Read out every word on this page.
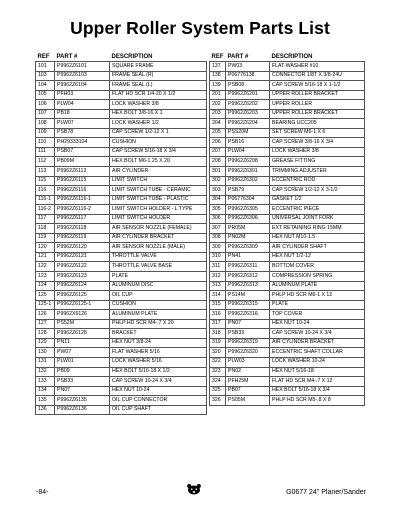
Upper Roller System Parts List
REF	PART #	DESCRIPTION
101	P9962Z6101	SQUARE FRAME
103	P9962Z6103	FRAME SEAL (R)
104	P9962Z6104	FRAME SEAL (L)
105	PFH03	FLAT HD SCR 1/4-20 X 1/2
106	PLW04	LOCK WASHER 3/8
107	PB18	HEX BOLT 3/8-16 X 1
108	PLW07	LOCK WASHER 1/2
109	PSB78	CAP SCREW 1/2-12 X 1
110	PH29333104	CUSHION
111	PSB07	CAP SCREW 5/16-18 X 3/4
112	PB09M	HEX BOLT M6-1.25 X 20
113	P9962Z6113	AIR CYLINDER
115	P9962Z6115	LIMIT SWITCH
116	P9962Z6116	LIMIT SWITCH TUBE - CERAMIC
116-1	P9962Z6116-1	LIMIT SWITCH TUBE - PLASTIC
116-2	P9962Z6116-2	LIMIT SWITCH HOLDER - L TYPE
117	P9962Z6117	LIMIT SWITCH HOLDER
118	P9962Z6118	AIR SENSOR NOZZLE (FEMALE)
119	P9962Z6119	AIR CYLINDER BRACKET
120	P9962Z6120	AIR SENSOR NOZZLE (MALE)
121	P9962Z6121	THROTTLE VALVE
122	P9962Z6122	THROTTLE VALVE BASE
123	P9962Z6123	PLATE
124	P9962Z6124	ALUMINUM DISC
125	P9962Z6125	OIL CUP
125-1	P9962Z6125-1	CUSHION
126	P9962X6126	ALUMINUM PLATE
127	PS52M	PHLP HD SCR M4-.7 X 20
128	P9962Z6128	BRACKET
129	PN11	HEX NUT 3/8-24
130	PW07	FLAT WASHER 5/16
131	PLW01	LOCK WASHER 5/16
132	PB09	HEX BOLT 5/16-18 X 1/2
133	PSB33	CAP SCREW 10-24 X 3/4
134	PN07	HEX NUT 10-24
135	P9962Z6135	OIL CUP CONNECTOR
136	P9962Z6136	OIL CUP SHAFT
REF	PART #	DESCRIPTION
137	PW03	FLAT WASHER #10
138	P06776138	CONNECTOR 1/8T X 3/8-24U
139	PSB08	CAP SCREW 5/16-18 X 1-1/2
201	P9962Z6201	UPPER ROLLER BRACKET
202	P9962Z6202	UPPER ROLLER
203	P9962Z6203	UPPER ROLLER BRACKET
204	P9962Z6204	BEARING UCC205
205	PSS20M	SET SCREW M6-1 X 6
206	PSB16	CAP SCREW 3/8-16 X 3/4
207	PLW04	LOCK WASHER 3/8
208	P9962Z6208	GREASE FITTING
301	P9962Z6301	TRIMMING ADJUSTER
302	P9962Z6302	ECCENTRIC ROD
303	PSB79	CAP SCREW 1/2-12 X 3-1/2
304	P06776304	GASKET 1/2
305	P9962Z6305	ECCENTRIC PIECE
306	P9962Z6306	UNIVERSAL JOINT FORK
307	PR05M	EXT RETAINING RING 15MM
308	PN02M	HEX NUT M10-1.5
309	P9962Z6309	AIR CYLINDER SHAFT
310	PN41	HEX NUT 1/2-12
311	P9962Z6311	BOTTOM COVER
312	P9962Z6312	COMPRESSION SPRING
313	P9962Z6313	ALUMINUM PLATE
314	PS14M	PHLP HD SCR M6-1 X 12
315	P9962Z6315	PLATE
316	P9962Z6316	TOP COVER
317	PN07	HEX NUT 10-24
318	PSB33	CAP SCREW 10-24 X 3/4
319	P9962Z6319	AIR CYLINDER BRACKET
320	P9962Z6320	ECCENTRIC SHAFT COLLAR
322	PLW03	LOCK WASHER 10-24
323	PN02	HEX NUT 5/16-18
324	PFH25M	FLAT HD SCR M4-.7 X 12
325	PB07	HEX BOLT 5/16-18 X 3/4
326	PS05M	PHLP HD SCR M5-.8 X 8
-84-	G0677 24" Planer/Sander
